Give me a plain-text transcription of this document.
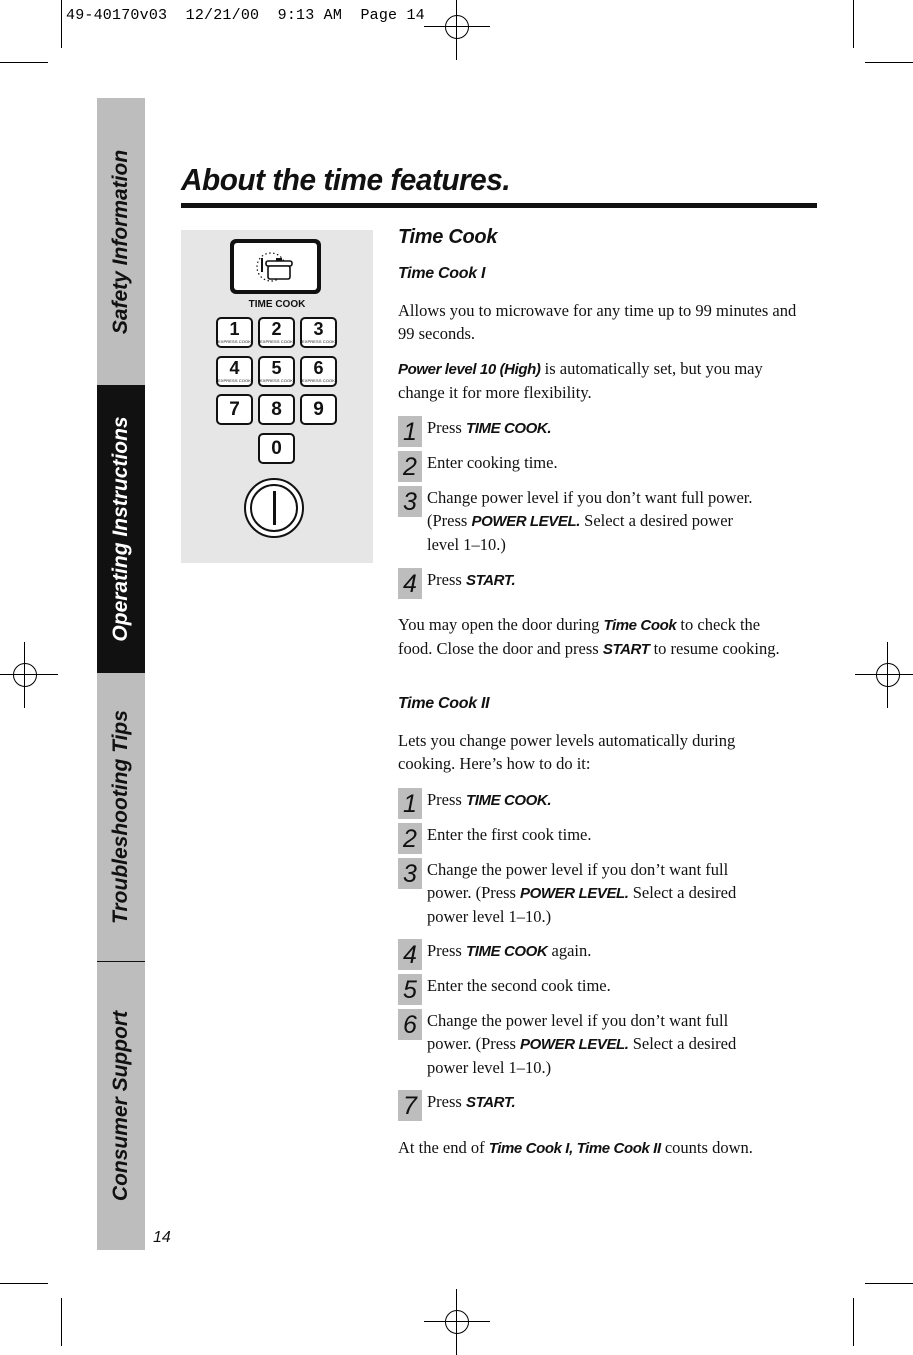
49-40170v03  12/21/00  9:13 AM  Page 14
Safety Information
Operating Instructions
Troubleshooting Tips
Consumer Support
14
About the time features.
TIME COOK
1
EXPRESS COOK
2
EXPRESS COOK
3
EXPRESS COOK
4
EXPRESS COOK
5
EXPRESS COOK
6
EXPRESS COOK
7	8	9
0
Time Cook
Time Cook I
Allows you to microwave for any time up to 99 minutes and 99 seconds.
Power level 10 (High) is automatically set, but you may change it for more flexibility.
1 Press TIME COOK.
2 Enter cooking time.
3 Change power level if you don’t want full power. (Press POWER LEVEL. Select a desired power level 1–10.)
4 Press START.
You may open the door during Time Cook to check the food. Close the door and press START to resume cooking.
Time Cook II
Lets you change power levels automatically during cooking. Here’s how to do it:
1 Press TIME COOK.
2 Enter the first cook time.
3 Change the power level if you don’t want full power. (Press POWER LEVEL. Select a desired power level 1–10.)
4 Press TIME COOK again.
5 Enter the second cook time.
6 Change the power level if you don’t want full power. (Press POWER LEVEL. Select a desired power level 1–10.)
7 Press START.
At the end of Time Cook I, Time Cook II counts down.
